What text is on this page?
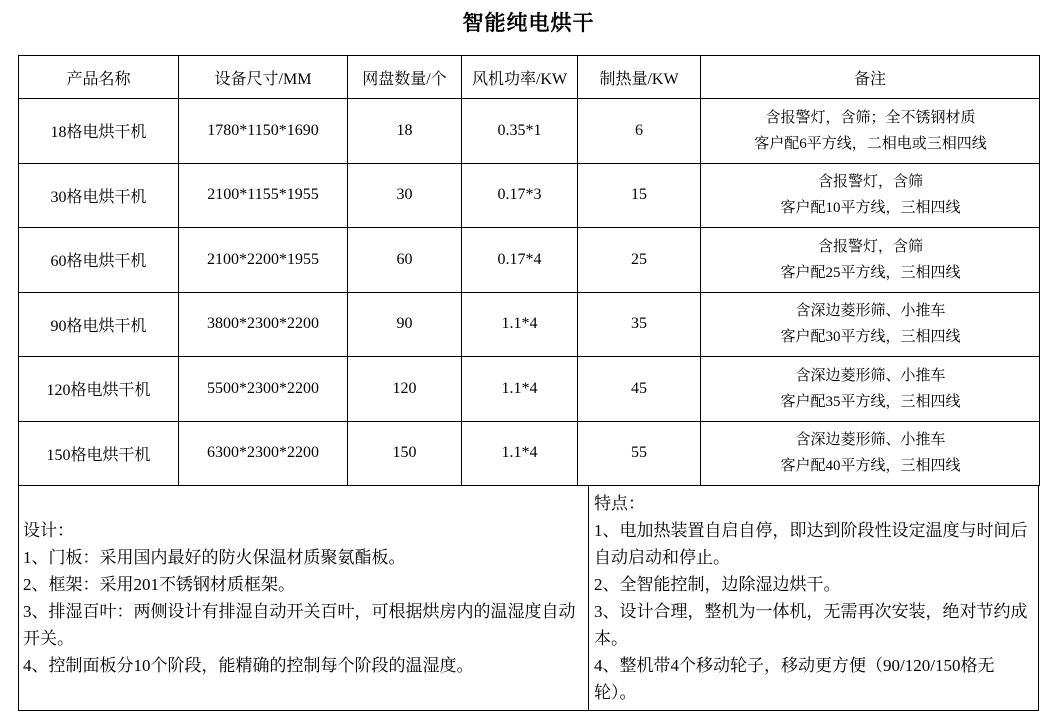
智能纯电烘干
产品名称	设备尺寸/MM	网盘数量/个	风机功率/KW	制热量/KW	备注
18格电烘干机	1780*1150*1690	18	0.35*1	6	含报警灯，含筛；全不锈钢材质
客户配6平方线，二相电或三相四线

30格电烘干机	2100*1155*1955	30	0.17*3	15	含报警灯，含筛
客户配10平方线，三相四线

60格电烘干机	2100*2200*1955	60	0.17*4	25	含报警灯，含筛
客户配25平方线，三相四线

90格电烘干机	3800*2300*2200	90	1.1*4	35	含深边菱形筛、小推车
客户配30平方线，三相四线

120格电烘干机	5500*2300*2200	120	1.1*4	45	含深边菱形筛、小推车
客户配35平方线，三相四线

150格电烘干机	6300*2300*2200	150	1.1*4	55	含深边菱形筛、小推车
客户配40平方线，三相四线
设计：
1、门板：采用国内最好的防火保温材质聚氨酯板。
2、框架：采用201不锈钢材质框架。
3、排湿百叶：两侧设计有排湿自动开关百叶，可根据烘房内的温湿度自动开关。
4、控制面板分10个阶段，能精确的控制每个阶段的温湿度。
特点：
1、电加热装置自启自停，即达到阶段性设定温度与时间后自动启动和停止。
2、全智能控制，边除湿边烘干。
3、设计合理，整机为一体机，无需再次安装，绝对节约成本。
4、整机带4个移动轮子，移动更方便（90/120/150格无轮）。
